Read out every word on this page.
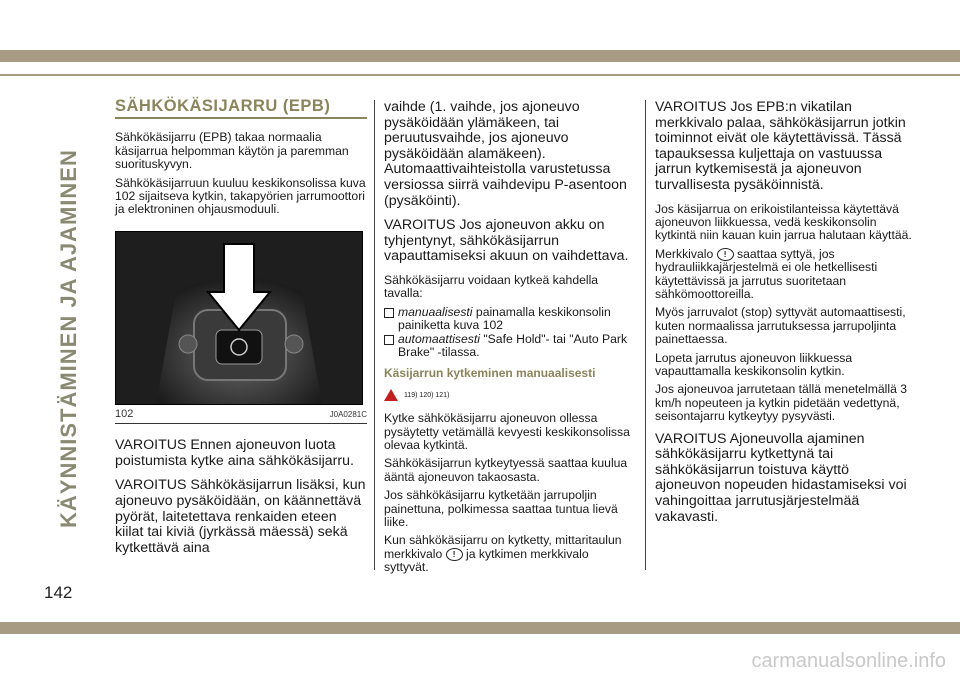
KÄYNNISTÄMINEN JA AJAMINEN
SÄHKÖKÄSIJARRU (EPB)

Sähkökäsijarru (EPB) takaa normaalia käsijarrua helpomman käytön ja paremman suorituskyvyn.

Sähkökäsijarruun kuuluu keskikonsolissa kuva 102 sijaitseva kytkin, takapyörien jarrumoottori ja elektroninen ohjausmoduuli.

102	J0A0281C

VAROITUS Ennen ajoneuvon luota poistumista kytke aina sähkökäsijarru.

VAROITUS Sähkökäsijarrun lisäksi, kun ajoneuvo pysäköidään, on käännettävä pyörät, laitetettava renkaiden eteen kiilat tai kiviä (jyrkässä mäessä) sekä kytkettävä aina

vaihde (1. vaihde, jos ajoneuvo pysäköidään ylämäkeen, tai peruutusvaihde, jos ajoneuvo pysäköidään alamäkeen). Automaattivaihteistolla varustetussa versiossa siirrä vaihdevipu P-asentoon (pysäköinti).

VAROITUS Jos ajoneuvon akku on tyhjentynyt, sähkökäsijarrun vapauttamiseksi akuun on vaihdettava.

Sähkökäsijarru voidaan kytkeä kahdella tavalla:

manuaalisesti painamalla keskikonsolin painiketta kuva 102
automaattisesti "Safe Hold"- tai "Auto Park Brake" -tilassa.
Käsijarrun kytkeminen manuaalisesti
119) 120) 121)

Kytke sähkökäsijarru ajoneuvon ollessa pysäytetty vetämällä kevyesti keskikonsolissa olevaa kytkintä.

Sähkökäsijarrun kytkeytyessä saattaa kuulua ääntä ajoneuvon takaosasta.

Jos sähkökäsijarru kytketään jarrupoljin painettuna, polkimessa saattaa tuntua lievä liike.

Kun sähkökäsijarru on kytketty, mittaritaulun merkkivalo ! ja kytkimen merkkivalo syttyvät.

VAROITUS Jos EPB:n vikatilan merkkivalo palaa, sähkökäsijarrun jotkin toiminnot eivät ole käytettävissä. Tässä tapauksessa kuljettaja on vastuussa jarrun kytkemisestä ja ajoneuvon turvallisesta pysäköinnistä.

Jos käsijarrua on erikoistilanteissa käytettävä ajoneuvon liikkuessa, vedä keskikonsolin kytkintä niin kauan kuin jarrua halutaan käyttää.

Merkkivalo ! saattaa syttyä, jos hydrauliikkajärjestelmä ei ole hetkellisesti käytettävissä ja jarrutus suoritetaan sähkömoottoreilla.

Myös jarruvalot (stop) syttyvät automaattisesti, kuten normaalissa jarrutuksessa jarrupoljinta painettaessa.

Lopeta jarrutus ajoneuvon liikkuessa vapauttamalla keskikonsolin kytkin.

Jos ajoneuvoa jarrutetaan tällä menetelmällä 3 km/h nopeuteen ja kytkin pidetään vedettynä, seisontajarru kytkeytyy pysyvästi.

VAROITUS Ajoneuvolla ajaminen sähkökäsijarru kytkettynä tai sähkökäsijarrun toistuva käyttö ajoneuvon nopeuden hidastamiseksi voi vahingoittaa jarrutusjärjestelmää vakavasti.

142
carmanualsonline.info
